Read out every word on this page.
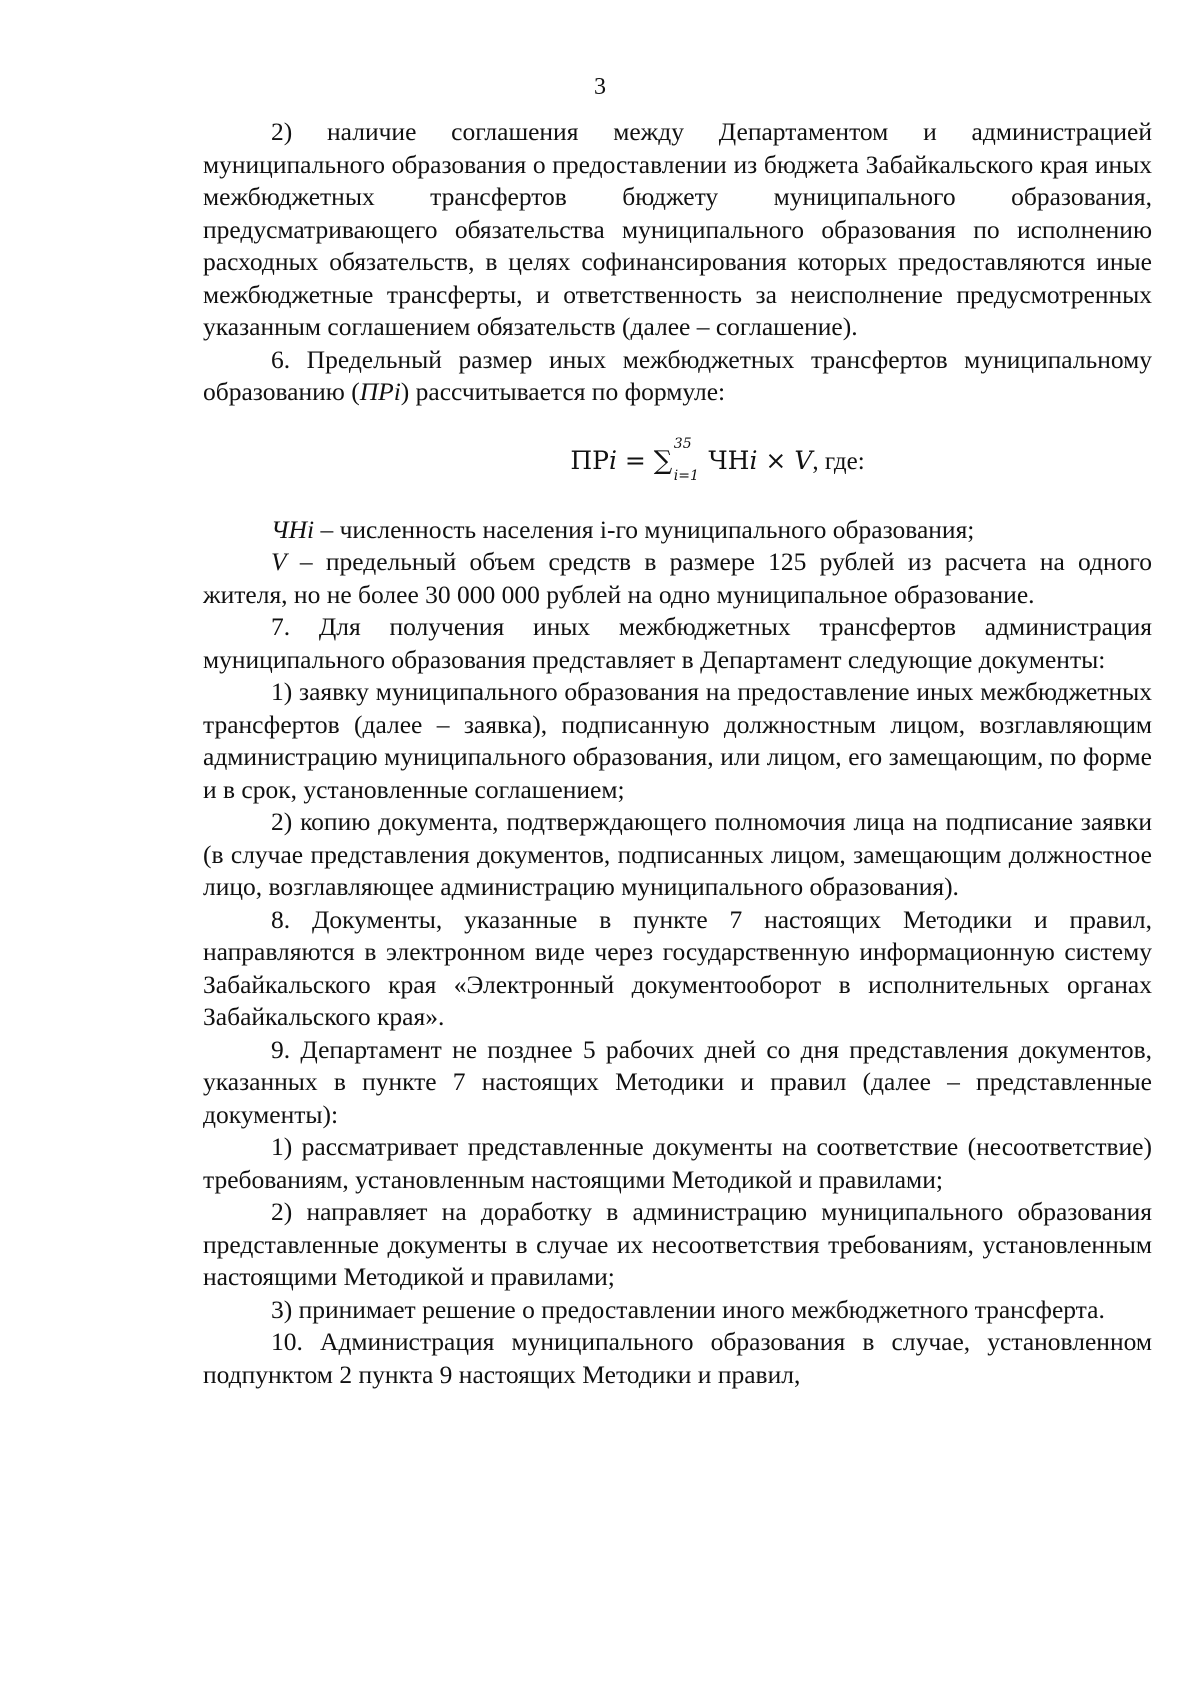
3

2) наличие соглашения между Департаментом и администрацией муниципального образования о предоставлении из бюджета Забайкальского края иных межбюджетных трансфертов бюджету муниципального образования, предусматривающего обязательства муниципального образования по исполнению расходных обязательств, в целях софинансирования которых предоставляются иные межбюджетные трансферты, и ответственность за неисполнение предусмотренных указанным соглашением обязательств (далее – соглашение).

6. Предельный размер иных межбюджетных трансфертов муниципальному образованию (ПРi) рассчитывается по формуле:

ПРi = ∑
35
i=1
ЧНi × V, где:

ЧНi – численность населения i-го муниципального образования;

V – предельный объем средств в размере 125 рублей из расчета на одного жителя, но не более 30 000 000 рублей на одно муниципальное образование.

7. Для получения иных межбюджетных трансфертов администрация муниципального образования представляет в Департамент следующие документы:

1) заявку муниципального образования на предоставление иных межбюджетных трансфертов (далее – заявка), подписанную должностным лицом, возглавляющим администрацию муниципального образования, или лицом, его замещающим, по форме и в срок, установленные соглашением;

2) копию документа, подтверждающего полномочия лица на подписание заявки (в случае представления документов, подписанных лицом, замещающим должностное лицо, возглавляющее администрацию муниципального образования).

8. Документы, указанные в пункте 7 настоящих Методики и правил, направляются в электронном виде через государственную информационную систему Забайкальского края «Электронный документооборот в исполнительных органах Забайкальского края».

9. Департамент не позднее 5 рабочих дней со дня представления документов, указанных в пункте 7 настоящих Методики и правил (далее – представленные документы):

1) рассматривает представленные документы на соответствие (несоответствие) требованиям, установленным настоящими Методикой и правилами;

2) направляет на доработку в администрацию муниципального образования представленные документы в случае их несоответствия требованиям, установленным настоящими Методикой и правилами;

3) принимает решение о предоставлении иного межбюджетного трансферта.

10. Администрация муниципального образования в случае, установленном подпунктом 2 пункта 9 настоящих Методики и правил,
